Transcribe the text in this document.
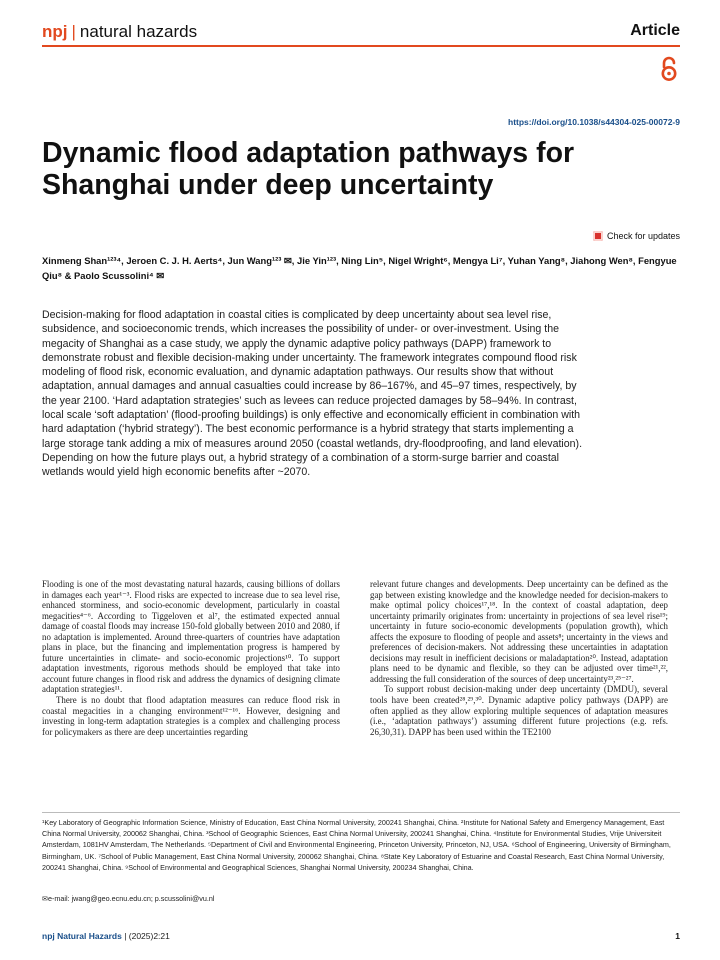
npj | natural hazards	Article
https://doi.org/10.1038/s44304-025-00072-9
Dynamic flood adaptation pathways for Shanghai under deep uncertainty
Check for updates
Xinmeng Shan¹²³⁴, Jeroen C. J. H. Aerts⁴, Jun Wang¹²³ ✉, Jie Yin¹²³, Ning Lin⁵, Nigel Wright⁶, Mengya Li⁷, Yuhan Yang⁸, Jiahong Wen⁸, Fengyue Qiu⁸ & Paolo Scussolini⁴ ✉

Decision-making for flood adaptation in coastal cities is complicated by deep uncertainty about sea level rise, subsidence, and socioeconomic trends, which increases the possibility of under- or over-investment. Using the megacity of Shanghai as a case study, we apply the dynamic adaptive policy pathways (DAPP) framework to demonstrate robust and flexible decision-making under uncertainty. The framework integrates compound flood risk modeling of flood risk, economic evaluation, and dynamic adaptation pathways. Our results show that without adaptation, annual damages and annual casualties could increase by 86–167%, and 45–97 times, respectively, by the year 2100. ‘Hard adaptation strategies’ such as levees can reduce projected damages by 58–94%. In contrast, local scale ‘soft adaptation’ (flood-proofing buildings) is only effective and economically efficient in combination with hard adaptation (‘hybrid strategy’). The best economic performance is a hybrid strategy that starts implementing a large storage tank adding a mix of measures around 2050 (coastal wetlands, dry-floodproofing, and land elevation). Depending on how the future plays out, a hybrid strategy of a combination of a storm-surge barrier and coastal wetlands would yield high economic benefits after ~2070.

Flooding is one of the most devastating natural hazards, causing billions of dollars in damages each year¹⁻³. Flood risks are expected to increase due to sea level rise, enhanced storminess, and socio-economic development, particularly in coastal megacities⁴⁻⁶. According to Tiggeloven et al⁷, the estimated expected annual damage of coastal floods may increase 150-fold globally between 2010 and 2080, if no adaptation is implemented. Around three-quarters of countries have adaptation plans in place, but the financing and implementation progress is hampered by future uncertainties in climate- and socio-economic projections¹⁰. To support adaptation investments, rigorous methods should be employed that take into account future changes in flood risk and address the dynamics of designing climate adaptation strategies¹¹.

There is no doubt that flood adaptation measures can reduce flood risk in coastal megacities in a changing environment¹²⁻¹⁶. However, designing and investing in long-term adaptation strategies is a complex and challenging process for policymakers as there are deep uncertainties regarding

relevant future changes and developments. Deep uncertainty can be defined as the gap between existing knowledge and the knowledge needed for decision-makers to make optimal policy choices¹⁷,¹⁸. In the context of coastal adaptation, deep uncertainty primarily originates from: uncertainty in projections of sea level rise¹⁹; uncertainty in future socio-economic developments (population growth), which affects the exposure to flooding of people and assets⁸; uncertainty in the views and preferences of decision-makers. Not addressing these uncertainties in adaptation decisions may result in inefficient decisions or maladaptation²⁰. Instead, adaptation plans need to be dynamic and flexible, so they can be adjusted over time²¹,²², addressing the full consideration of the sources of deep uncertainty²³,²⁵⁻²⁷.

To support robust decision-making under deep uncertainty (DMDU), several tools have been created²⁸,²⁹,³⁰. Dynamic adaptive policy pathways (DAPP) are often applied as they allow exploring multiple sequences of adaptation measures (i.e., ‘adaptation pathways’) assuming different future projections (e.g. refs. 26,30,31). DAPP has been used within the TE2100

¹Key Laboratory of Geographic Information Science, Ministry of Education, East China Normal University, 200241 Shanghai, China. ²Institute for National Safety and Emergency Management, East China Normal University, 200062 Shanghai, China. ³School of Geographic Sciences, East China Normal University, 200241 Shanghai, China. ⁴Institute for Environmental Studies, Vrije Universiteit Amsterdam, 1081HV Amsterdam, The Netherlands. ⁵Department of Civil and Environmental Engineering, Princeton University, Princeton, NJ, USA. ⁶School of Engineering, University of Birmingham, Birmingham, UK. ⁷School of Public Management, East China Normal University, 200062 Shanghai, China. ⁸State Key Laboratory of Estuarine and Coastal Research, East China Normal University, 200241 Shanghai, China. ⁹School of Environmental and Geographical Sciences, Shanghai Normal University, 200234 Shanghai, China.
✉e-mail: jwang@geo.ecnu.edu.cn; p.scussolini@vu.nl
npj Natural Hazards | (2025)2:21	1
